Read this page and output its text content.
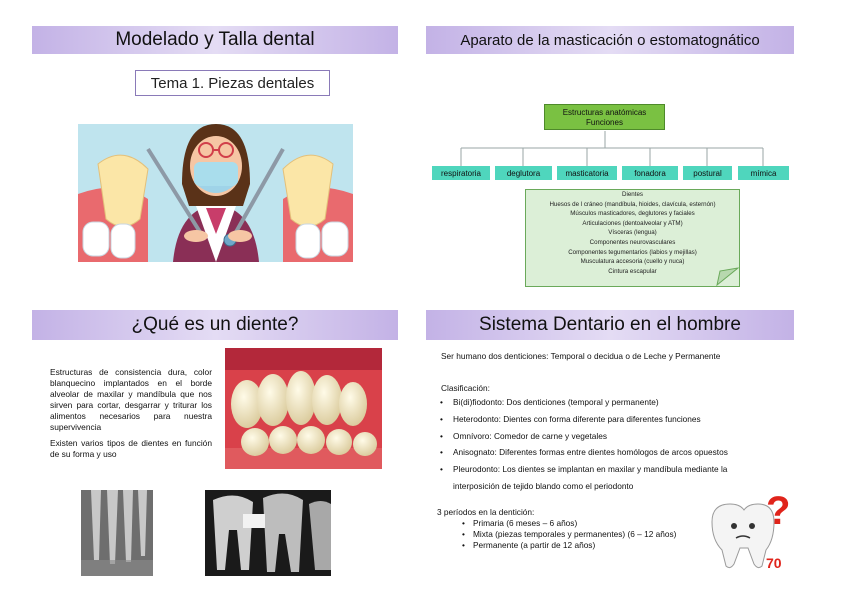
Modelado y Talla dental
Tema 1. Piezas dentales
Aparato de la masticación o estomatognático
Estructuras anatómicas
Funciones
respiratoria	deglutora	masticatoria	fonadora	postural	mímica
Dientes
Huesos de l cráneo (mandíbula, hioides, clavícula, esternón)
Músculos masticadores, deglutores y faciales
Articulaciones (dentoalveolar y ATM)
Vísceras (lengua)
Componentes neurovasculares
Componentes tegumentarios (labios y mejillas)
Musculatura accesoria (cuello y nuca)
Cintura escapular
¿Qué es un diente?
Estructuras de consistencia dura, color blanquecino implantados en el borde alveolar de maxilar y mandíbula que nos sirven para cortar, desgarrar y triturar los alimentos necesarios para nuestra supervivencia
Existen varios tipos de dientes en función de su forma y uso
Sistema Dentario en el hombre
Ser humano dos denticiones: Temporal o decidua o de Leche y Permanente
Clasificación:
• Bi(di)fiodonto: Dos denticiones (temporal y permanente)
• Heterodonto: Dientes con forma diferente para diferentes funciones
• Omnívoro: Comedor de carne y vegetales
• Anisognato: Diferentes formas entre dientes homólogos de arcos opuestos
• Pleurodonto: Los dientes se implantan en maxilar y mandíbula mediante la
interposición de tejido blando como el periodonto
3 períodos en la dentición:
• Primaria (6 meses – 6 años)
• Mixta (piezas temporales y permanentes) (6 – 12 años)
• Permanente (a partir de 12 años)
?
70
